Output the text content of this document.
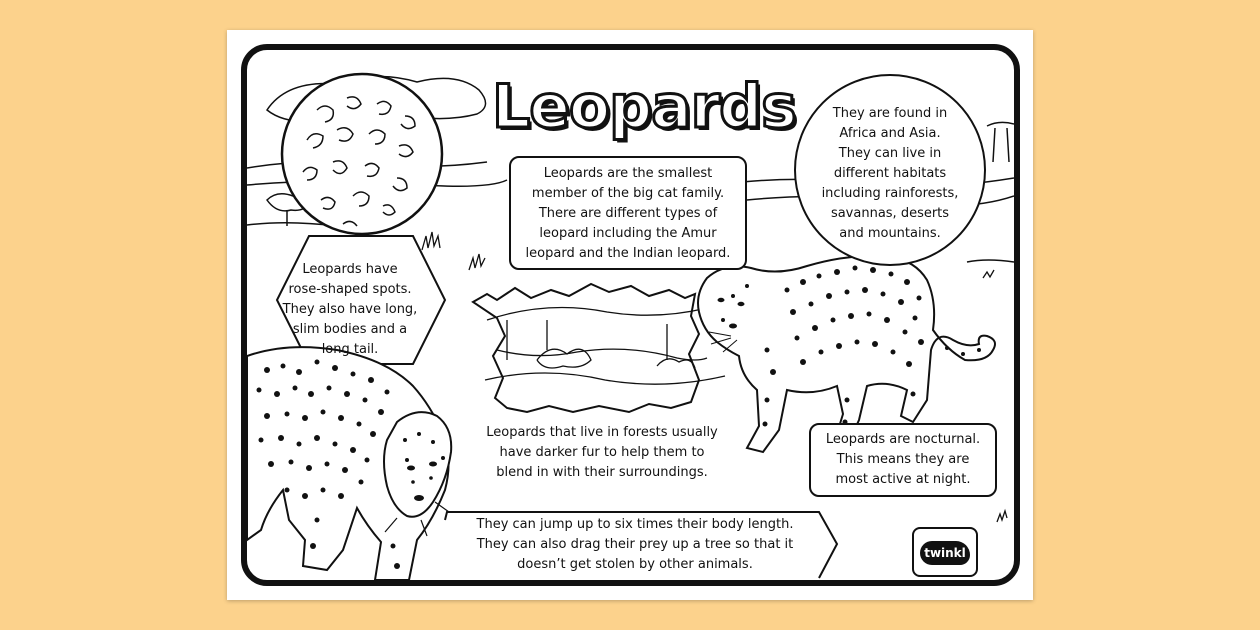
Leopards
Leopards are the smallest
member of the big cat family.
There are different types of
leopard including the Amur
leopard and the Indian leopard.
They are found in
Africa and Asia.
They can live in
different habitats
including rainforests,
savannas, deserts
and mountains.
Leopards have
rose-shaped spots.
They also have long,
slim bodies and a
long tail.
Leopards that live in forests usually
have darker fur to help them to
blend in with their surroundings.
Leopards are nocturnal.
This means they are
most active at night.
They can jump up to six times their body length.
They can also drag their prey up a tree so that it
doesn’t get stolen by other animals.
twinkl
